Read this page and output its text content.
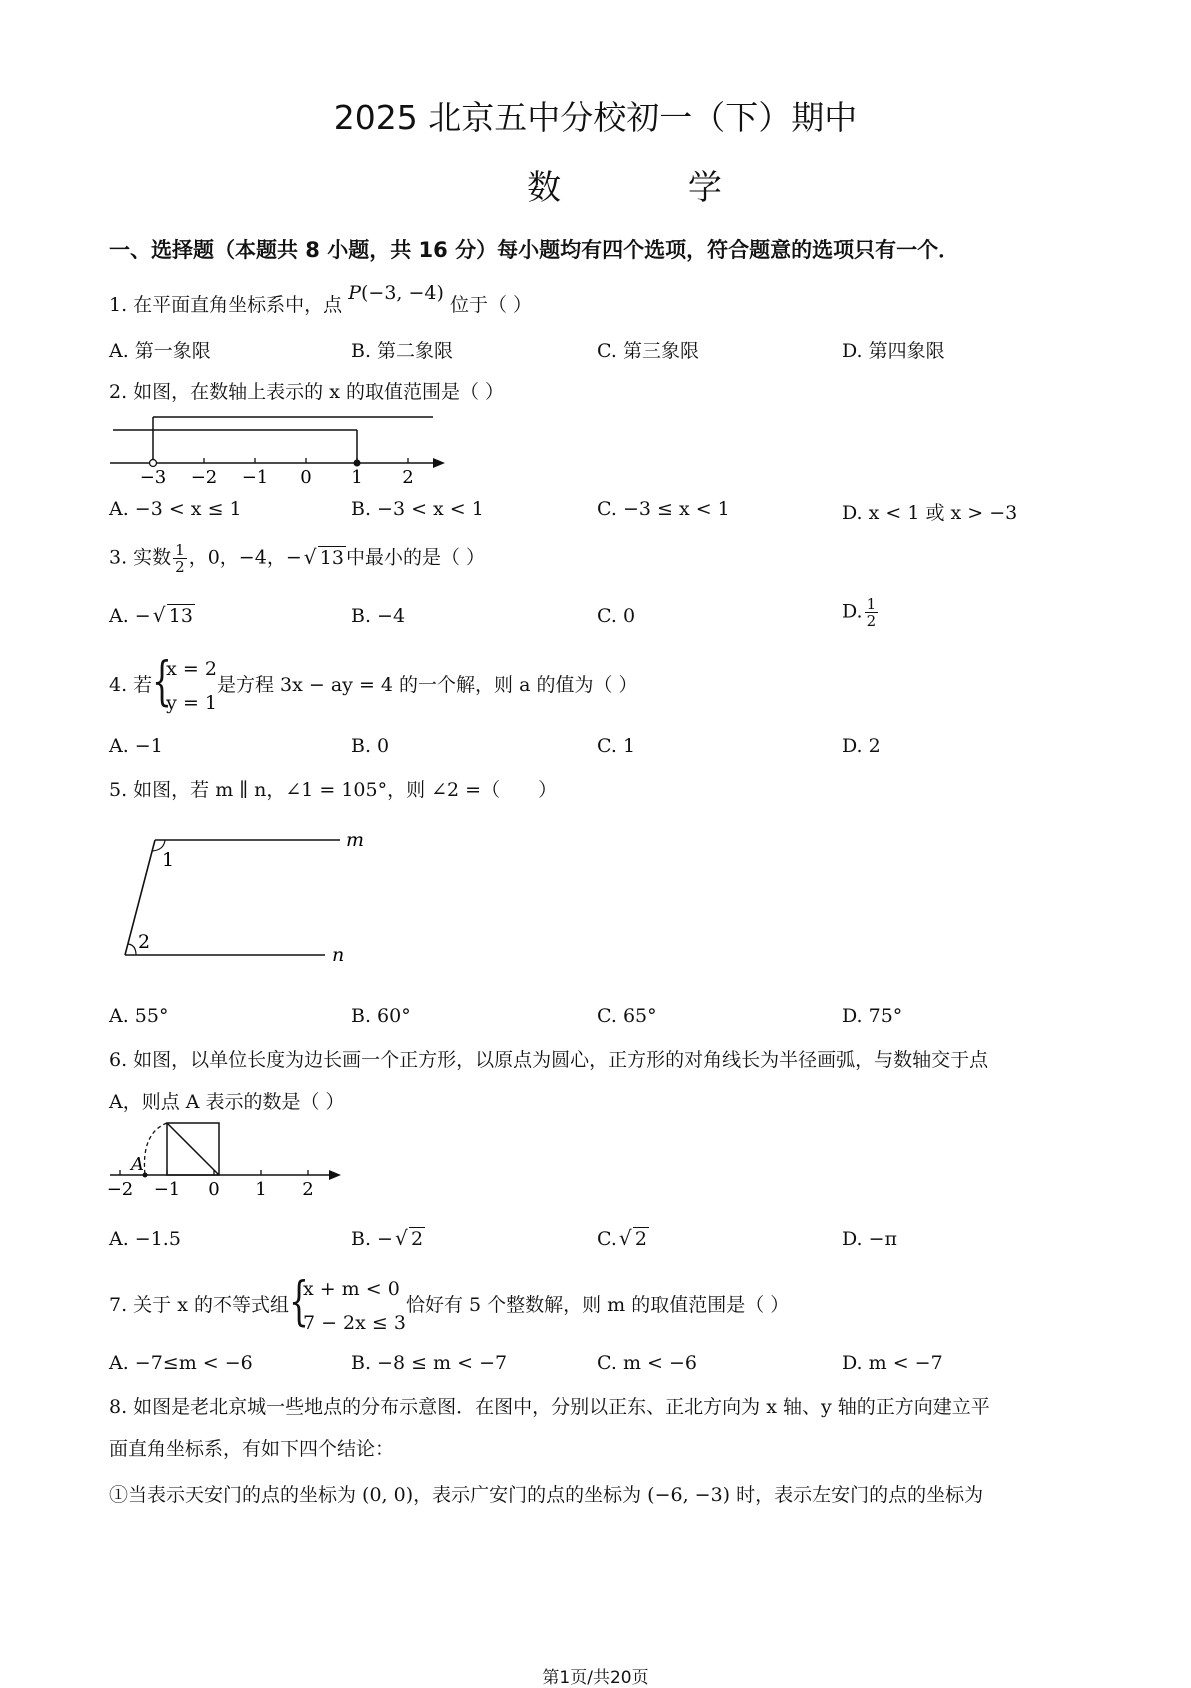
2025 北京五中分校初一（下）期中
数 学
一、选择题（本题共 8 小题，共 16 分）每小题均有四个选项，符合题意的选项只有一个．
1. 在平面直角坐标系中，点 P(−3, −4) 位于（ ）
A. 第一象限	B. 第二象限	C. 第三象限	D. 第四象限
2. 如图，在数轴上表示的 x 的取值范围是（ ）
−3 −2 −1 0 1 2
A. −3 < x ≤ 1	B. −3 < x < 1	C. −3 ≤ x < 1	D. x < 1 或 x > −3
3. 实数 $\frac{1}{2}$ ，0，−4，− √ 13 中最小的是（ ）
A. − √ 13	B. −4	C. 0	D. $\frac{1}{2}$
4. 若 {
x = 2
y = 1
是方程 3x − ay = 4 的一个解，则 a 的值为（ ）
A. −1	B. 0	C. 1	D. 2
5. 如图，若 m ∥ n，∠1 = 105°，则 ∠2 =（　　）
m
n
1
2
A. 55°	B. 60°	C. 65°	D. 75°
6. 如图，以单位长度为边长画一个正方形，以原点为圆心，正方形的对角线长为半径画弧，与数轴交于点
A，则点 A 表示的数是（ ）
A
−2 −1 0 1 2
A. −1.5	B. − √ 2	C. √ 2	D. −π
7. 关于 x 的不等式组 {
x + m < 0
7 − 2x ≤ 3
恰好有 5 个整数解，则 m 的取值范围是（ ）
A. −7≤m < −6	B. −8 ≤ m < −7	C. m < −6	D. m < −7
8. 如图是老北京城一些地点的分布示意图．在图中，分别以正东、正北方向为 x 轴、y 轴的正方向建立平
面直角坐标系，有如下四个结论：
①当表示天安门的点的坐标为 (0, 0)，表示广安门的点的坐标为 (−6, −3) 时，表示左安门的点的坐标为
第1页/共20页
